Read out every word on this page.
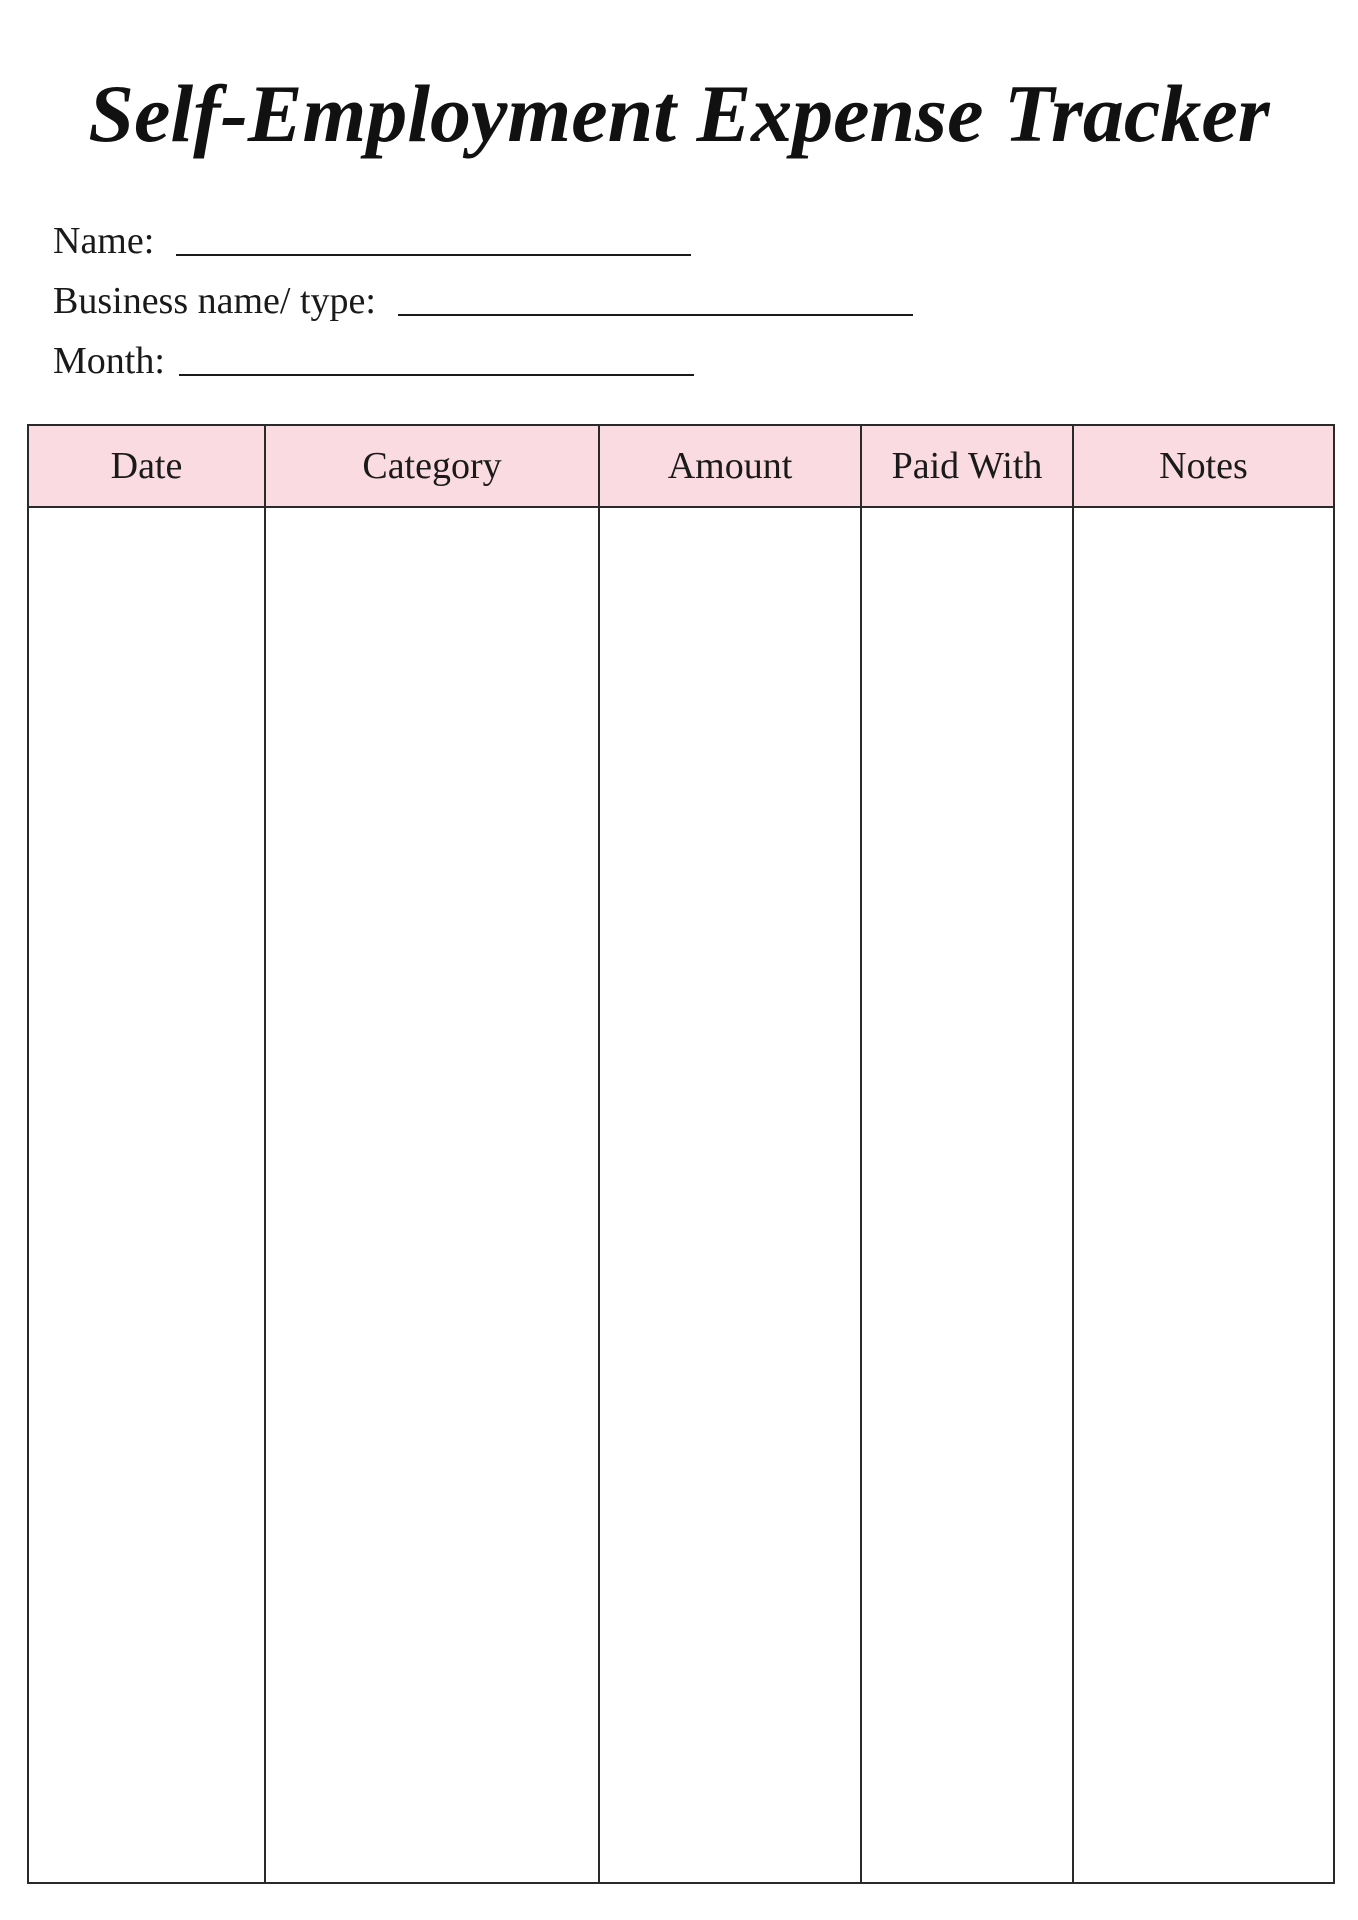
Self-Employment Expense Tracker
Name:
Business name/ type:
Month:
Date	Category	Amount	Paid With	Notes
